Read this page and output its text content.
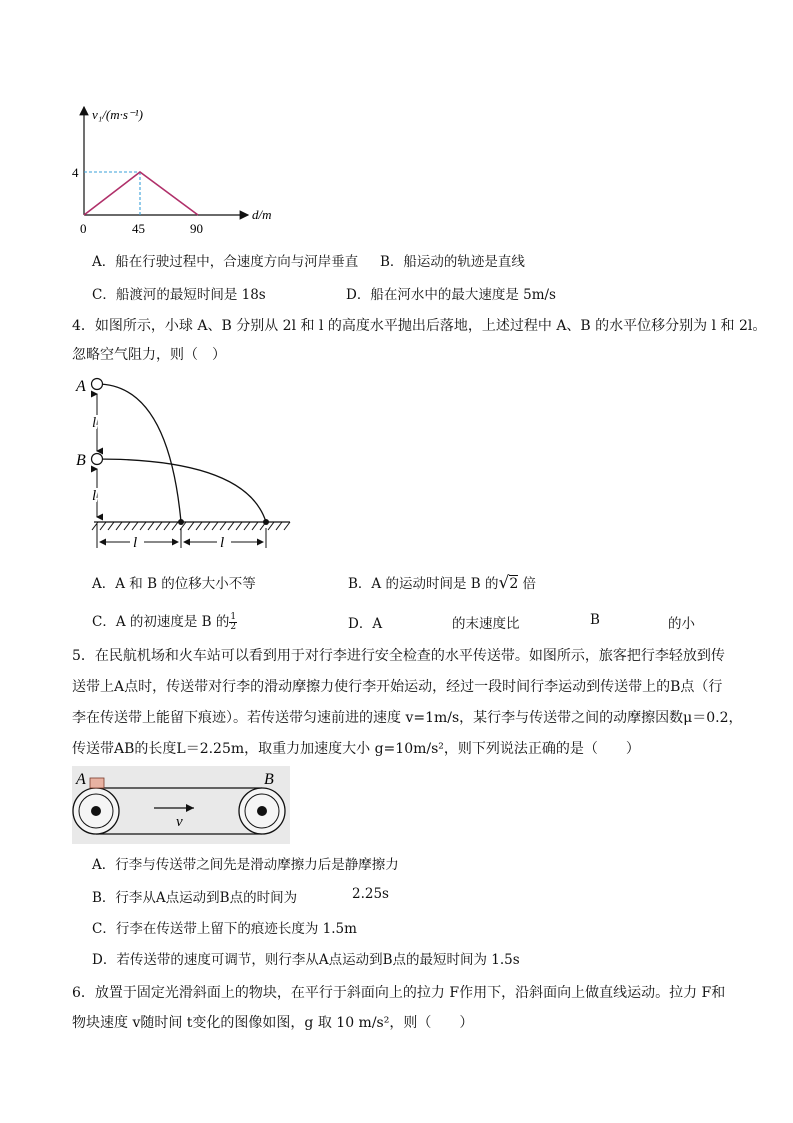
v₁/(m·s⁻¹)
d/m
0
4
45	90
A．船在行驶过程中，合速度方向与河岸垂直 B．船运动的轨迹是直线
C．船渡河的最短时间是 18s	D．船在河水中的最大速度是 5m/s
4．如图所示，小球 A、B 分别从 2l 和 l 的高度水平抛出后落地，上述过程中 A、B 的水平位移分别为 l 和 2l。
忽略空气阻力，则（　）
A
B
l
l
l	l
A．A 和 B 的位移大小不等	B．A 的运动时间是 B 的√2 倍
C．A 的初速度是 B 的 $\frac{1}{2}$	D．A	的末速度比	B	的小
5．在民航机场和火车站可以看到用于对行李进行安全检查的水平传送带。如图所示，旅客把行李轻放到传
送带上A点时，传送带对行李的滑动摩擦力使行李开始运动，经过一段时间行李运动到传送带上的B点（行
李在传送带上能留下痕迹）。若传送带匀速前进的速度 v=1m/s，某行李与传送带之间的动摩擦因数μ＝0.2，
传送带AB的长度L＝2.25m，取重力加速度大小 g=10m/s²，则下列说法正确的是（　　）
A	B
v
A．行李与传送带之间先是滑动摩擦力后是静摩擦力
B．行李从A点运动到B点的时间为	2.25s
C．行李在传送带上留下的痕迹长度为 1.5m
D．若传送带的速度可调节，则行李从A点运动到B点的最短时间为 1.5s
6．放置于固定光滑斜面上的物块，在平行于斜面向上的拉力 F作用下，沿斜面向上做直线运动。拉力 F和
物块速度 v随时间 t变化的图像如图，g 取 10 m/s²，则（　　）
